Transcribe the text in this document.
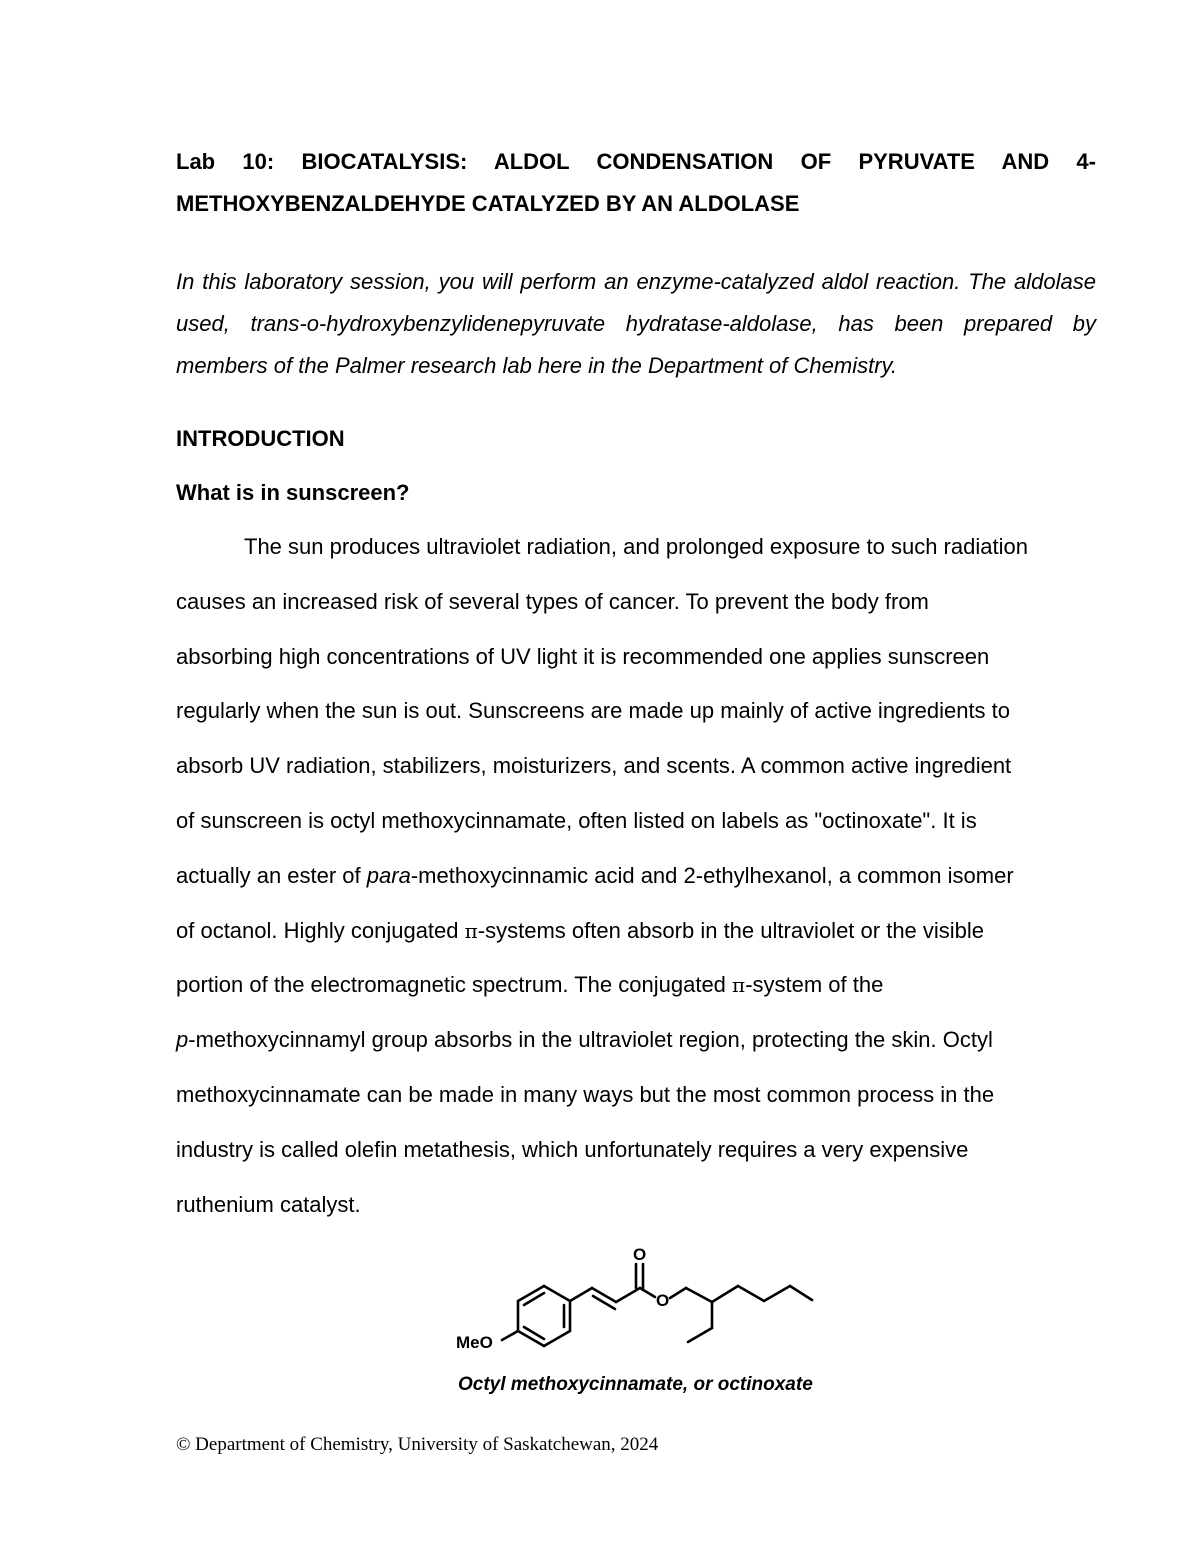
Lab 10: BIOCATALYSIS: ALDOL CONDENSATION OF PYRUVATE AND 4-METHOXYBENZALDEHYDE CATALYZED BY AN ALDOLASE

In this laboratory session, you will perform an enzyme-catalyzed aldol reaction. The aldolase used, trans-o-hydroxybenzylidenepyruvate hydratase-aldolase, has been prepared by members of the Palmer research lab here in the Department of Chemistry.

INTRODUCTION

What is in sunscreen?

The sun produces ultraviolet radiation, and prolonged exposure to such radiation
causes an increased risk of several types of cancer. To prevent the body from
absorbing high concentrations of UV light it is recommended one applies sunscreen
regularly when the sun is out. Sunscreens are made up mainly of active ingredients to
absorb UV radiation, stabilizers, moisturizers, and scents. A common active ingredient
of sunscreen is octyl methoxycinnamate, often listed on labels as "octinoxate". It is
actually an ester of para-methoxycinnamic acid and 2-ethylhexanol, a common isomer
of octanol. Highly conjugated π-systems often absorb in the ultraviolet or the visible
portion of the electromagnetic spectrum. The conjugated π-system of the
p-methoxycinnamyl group absorbs in the ultraviolet region, protecting the skin. Octyl
methoxycinnamate can be made in many ways but the most common process in the
industry is called olefin metathesis, which unfortunately requires a very expensive
ruthenium catalyst.
MeO
O
O

Octyl methoxycinnamate, or octinoxate

© Department of Chemistry, University of Saskatchewan, 2024
